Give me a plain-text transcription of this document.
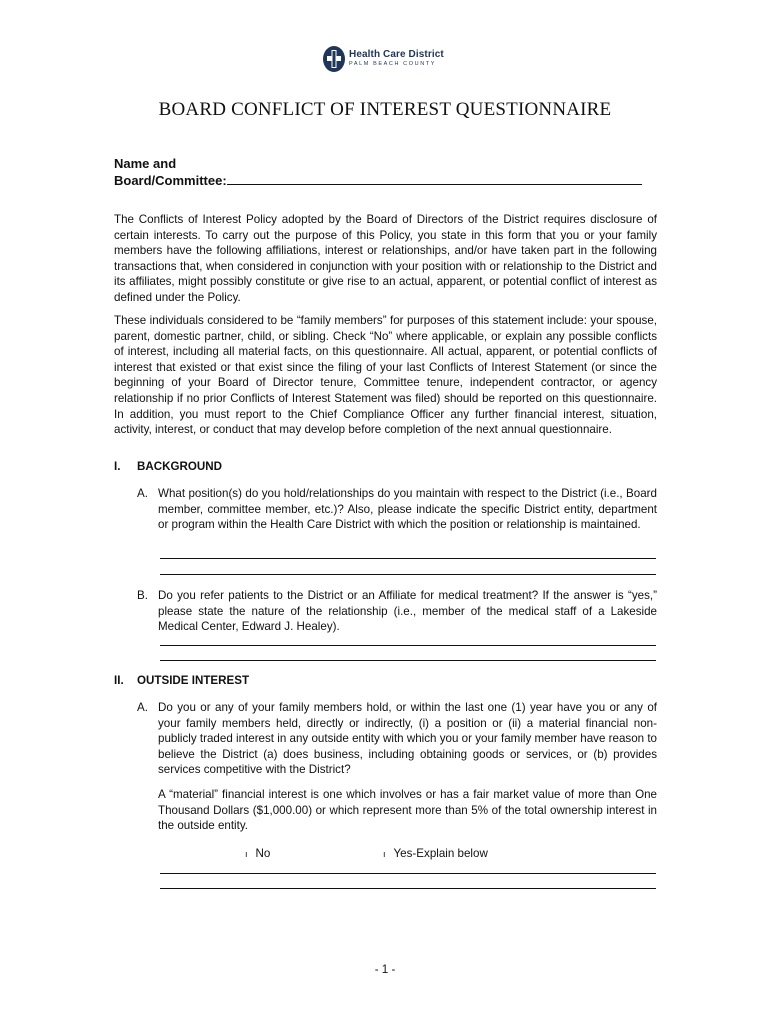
Health Care District
PALM BEACH COUNTY
BOARD CONFLICT OF INTEREST QUESTIONNAIRE
Name and
Board/Committee:

The Conflicts of Interest Policy adopted by the Board of Directors of the District requires disclosure of certain interests. To carry out the purpose of this Policy, you state in this form that you or your family members have the following affiliations, interest or relationships, and/or have taken part in the following transactions that, when considered in conjunction with your position with or relationship to the District and its affiliates, might possibly constitute or give rise to an actual, apparent, or potential conflict of interest as defined under the Policy.

These individuals considered to be “family members” for purposes of this statement include: your spouse, parent, domestic partner, child, or sibling. Check “No” where applicable, or explain any possible conflicts of interest, including all material facts, on this questionnaire. All actual, apparent, or potential conflicts of interest that existed or that exist since the filing of your last Conflicts of Interest Statement (or since the beginning of your Board of Director tenure, Committee tenure, independent contractor, or agency relationship if no prior Conflicts of Interest Statement was filed) should be reported on this questionnaire. In addition, you must report to the Chief Compliance Officer any further financial interest, situation, activity, interest, or conduct that may develop before completion of the next annual questionnaire.

I. BACKGROUND
A. What position(s) do you hold/relationships do you maintain with respect to the District (i.e., Board member, committee member, etc.)? Also, please indicate the specific District entity, department or program within the Health Care District with which the position or relationship is maintained.
B. Do you refer patients to the District or an Affiliate for medical treatment? If the answer is “yes,” please state the nature of the relationship (i.e., member of the medical staff of a Lakeside Medical Center, Edward J. Healey).
II. OUTSIDE INTEREST
A. Do you or any of your family members hold, or within the last one (1) year have you or any of your family members held, directly or indirectly, (i) a position or (ii) a material financial non-publicly traded interest in any outside entity with which you or your family member have reason to believe the District (a) does business, including obtaining goods or services, or (b) provides services competitive with the District?
A “material” financial interest is one which involves or has a fair market value of more than One Thousand Dollars ($1,000.00) or which represent more than 5% of the total ownership interest in the outside entity.
ı No	ı Yes-Explain below
- 1 -
